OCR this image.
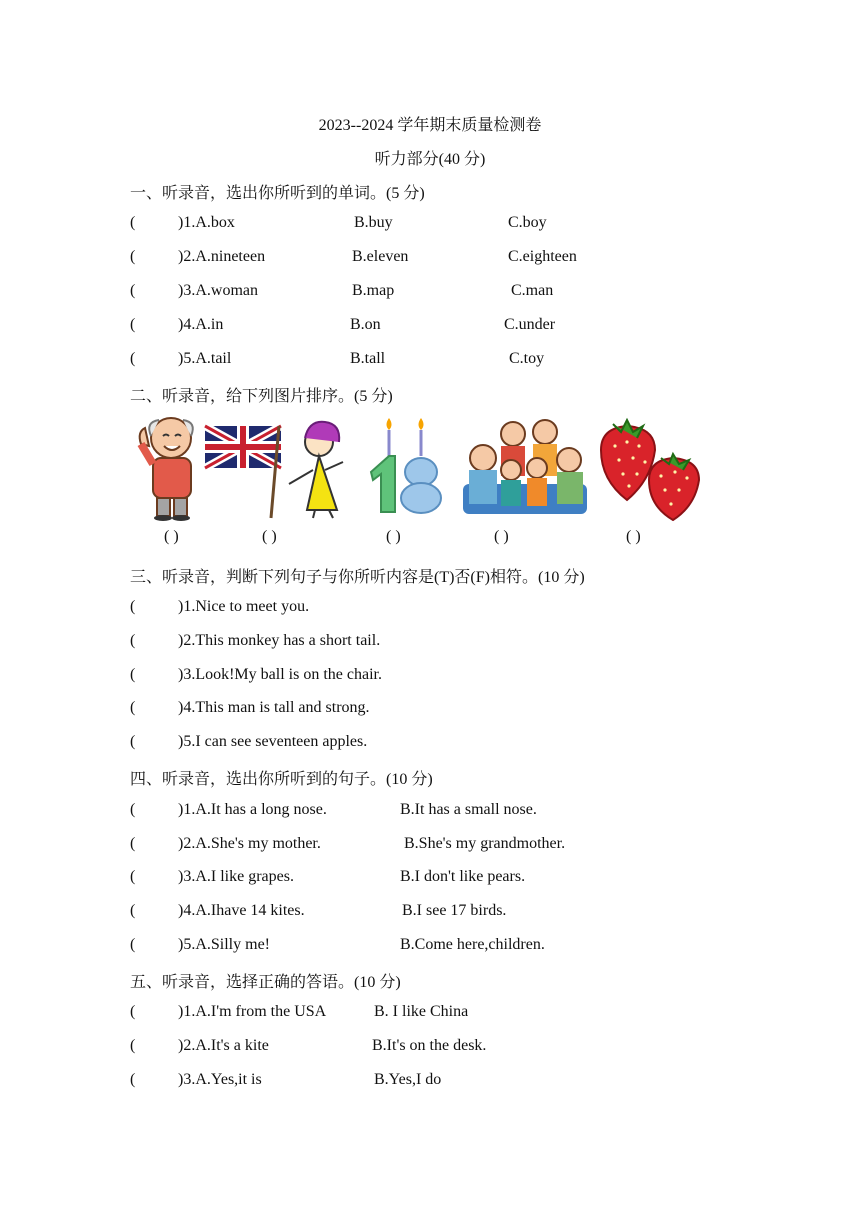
2023--2024 学年期末质量检测卷
听力部分(40 分)
一、听录音，选出你所听到的单词。(5 分)
(	)1.A.box	B.buy	C.boy
(	)2.A.nineteen	B.eleven	C.eighteen
(	)3.A.woman	B.map	C.man
(	)4.A.in	B.on	C.under
(	)5.A.tail	B.tall	C.toy
二、听录音，给下列图片排序。(5 分)
( )	( )	( )	( )	( )
三、听录音，判断下列句子与你所听内容是(T)否(F)相符。(10 分)
(	)1.Nice to meet you.
(	)2.This monkey has a short tail.
(	)3.Look!My ball is on the chair.
(	)4.This man is tall and strong.
(	)5.I can see seventeen apples.
四、听录音，选出你所听到的句子。(10 分)
(	)1.A.It has a long nose.	B.It has a small nose.
(	)2.A.She's my mother.	B.She's my grandmother.
(	)3.A.I like grapes.	B.I don't like pears.
(	)4.A.Ihave 14 kites.	B.I see 17 birds.
(	)5.A.Silly me!	B.Come here,children.
五、听录音，选择正确的答语。(10 分)
(	)1.A.I'm from the USA	B. I like China
(	)2.A.It's a kite	B.It's on the desk.
(	)3.A.Yes,it is	B.Yes,I do
